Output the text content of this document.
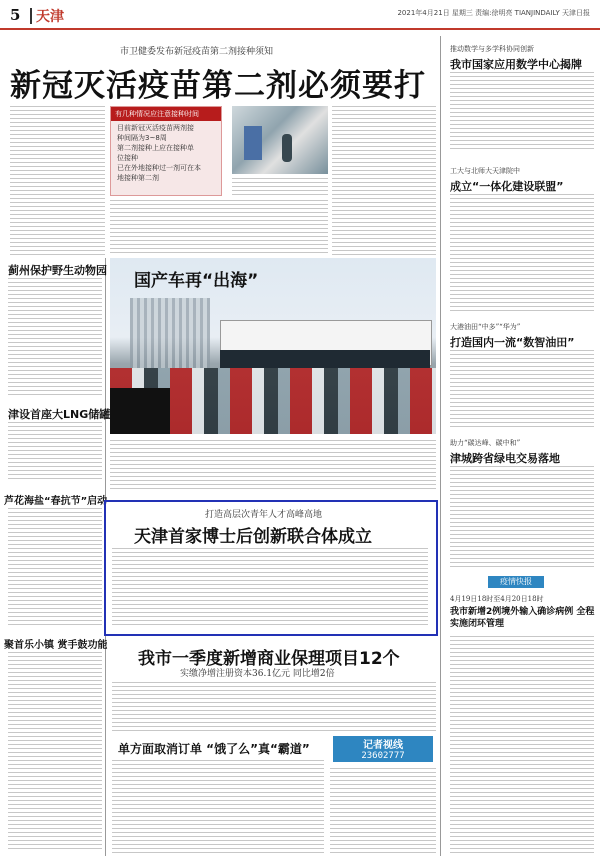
5 天津	2021年4月21日 星期三 责编:徐明亮 TIANJINDAILY 天津日报
市卫健委发布新冠疫苗第二剂接种须知
新冠灭活疫苗第二剂必须要打
有几种情况应注意接种时间
目前新冠灭活疫苗两剂接
种间隔为3~8周
第二剂接种上应在接种单
位接种
已在外地接种过一剂可在本
地接种第二剂
蓟州保护野生动物园
津设首座大LNG储罐
芦花海盐“春抗节”启动
聚首乐小镇 赏手鼓功能
国产车再“出海”
打造高层次青年人才高峰高地
天津首家博士后创新联合体成立
我市一季度新增商业保理项目12个
实缴净增注册资本36.1亿元 同比增2倍
单方面取消订单 “饿了么”真“霸道”	记者视线
23602777
推动数学与多学科协同创新
我市国家应用数学中心揭牌
工大与北师大天津院中
成立“一体化建设联盟”
大港油田“中多”“华为”
打造国内一流“数智油田”
助力“碳达峰、碳中和”
津城跨省绿电交易落地
疫情快报
4月19日18时至4月20日18时
我市新增2例境外输入确诊病例 全程实施闭环管理
